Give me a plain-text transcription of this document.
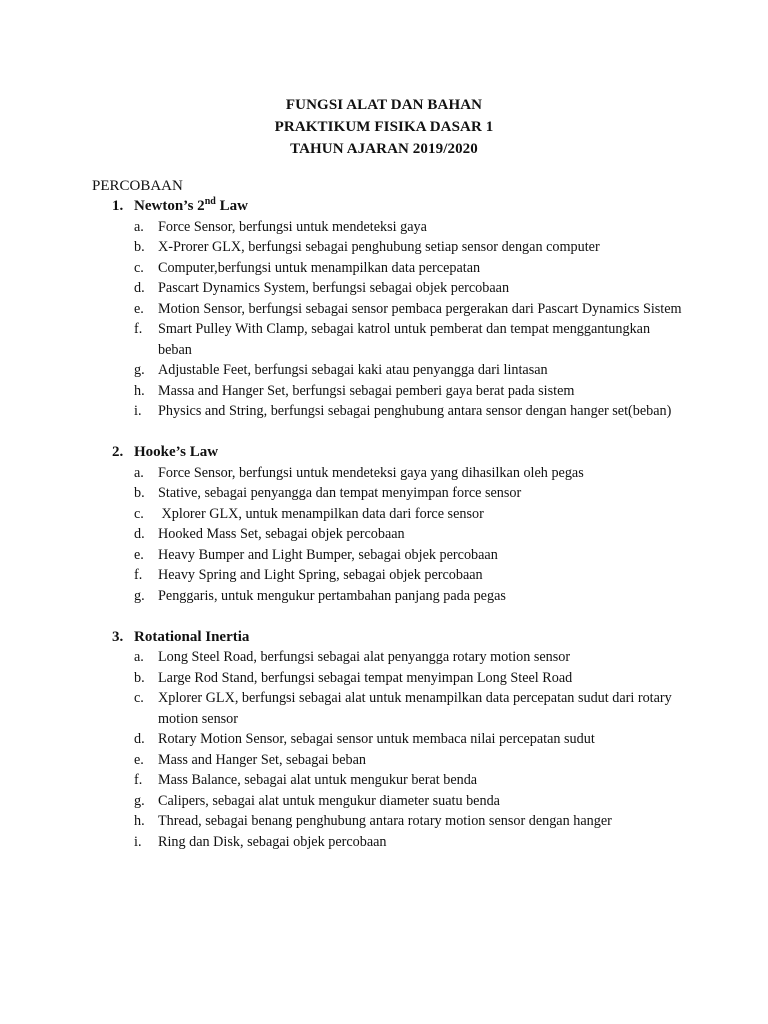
FUNGSI ALAT DAN BAHAN
PRAKTIKUM FISIKA DASAR 1
TAHUN AJARAN 2019/2020
PERCOBAAN
1. Newton’s 2nd Law
a. Force Sensor, berfungsi untuk mendeteksi gaya
b. X-Prorer GLX, berfungsi sebagai penghubung setiap sensor dengan computer
c. Computer,berfungsi untuk menampilkan data percepatan
d. Pascart Dynamics System, berfungsi sebagai objek percobaan
e. Motion Sensor, berfungsi sebagai sensor pembaca pergerakan dari Pascart Dynamics Sistem
f. Smart Pulley With Clamp, sebagai katrol untuk pemberat dan tempat menggantungkan beban
g. Adjustable Feet, berfungsi sebagai kaki atau penyangga dari lintasan
h. Massa and Hanger Set, berfungsi sebagai pemberi gaya berat pada sistem
i. Physics and String, berfungsi sebagai penghubung antara sensor dengan hanger set(beban)
2. Hooke’s Law
a. Force Sensor, berfungsi untuk mendeteksi gaya yang dihasilkan oleh pegas
b. Stative, sebagai penyangga dan tempat menyimpan force sensor
c. Xplorer GLX, untuk menampilkan data dari force sensor
d. Hooked Mass Set, sebagai objek percobaan
e. Heavy Bumper and Light Bumper, sebagai objek percobaan
f. Heavy Spring and Light Spring, sebagai objek percobaan
g. Penggaris, untuk mengukur pertambahan panjang pada pegas
3. Rotational Inertia
a. Long Steel Road, berfungsi sebagai alat penyangga rotary motion sensor
b. Large Rod Stand, berfungsi sebagai tempat menyimpan Long Steel Road
c. Xplorer GLX, berfungsi sebagai alat untuk menampilkan data percepatan sudut dari rotary motion sensor
d. Rotary Motion Sensor, sebagai sensor untuk membaca nilai percepatan sudut
e. Mass and Hanger Set, sebagai beban
f. Mass Balance, sebagai alat untuk mengukur berat benda
g. Calipers, sebagai alat untuk mengukur diameter suatu benda
h. Thread, sebagai benang penghubung antara rotary motion sensor dengan hanger
i. Ring dan Disk, sebagai objek percobaan
